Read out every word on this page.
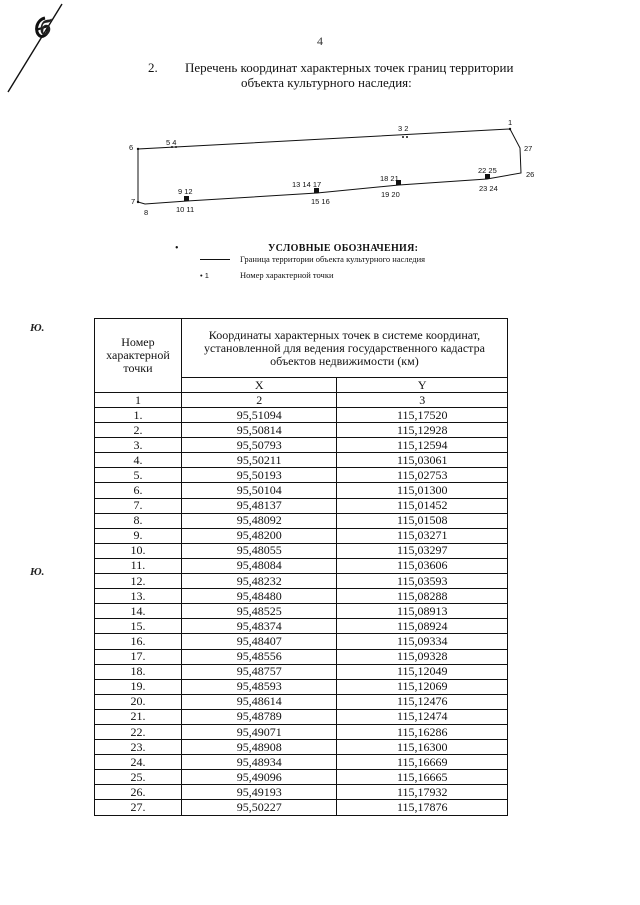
б
4
2. Перечень координат характерных точек границ территории
объекта культурного наследия:
1
3 2
5 4
6	27
26
7
8
9 12
10 11
13 14 17
15 16
18 21
19 20
22 25
23 24
•	УСЛОВНЫЕ ОБОЗНАЧЕНИЯ:
Граница территории объекта культурного наследия
• 1	Номер характерной точки
Ю.
Ю.
Номер характерной точки	Координаты характерных точек в системе координат, установленной для ведения государственного кадастра объектов недвижимости (км)	
	X	Y
1	2	3
1.	95,51094	115,17520
2.	95,50814	115,12928
3.	95,50793	115,12594
4.	95,50211	115,03061
5.	95,50193	115,02753
6.	95,50104	115,01300
7.	95,48137	115,01452
8.	95,48092	115,01508
9.	95,48200	115,03271
10.	95,48055	115,03297
11.	95,48084	115,03606
12.	95,48232	115,03593
13.	95,48480	115,08288
14.	95,48525	115,08913
15.	95,48374	115,08924
16.	95,48407	115,09334
17.	95,48556	115,09328
18.	95,48757	115,12049
19.	95,48593	115,12069
20.	95,48614	115,12476
21.	95,48789	115,12474
22.	95,49071	115,16286
23.	95,48908	115,16300
24.	95,48934	115,16669
25.	95,49096	115,16665
26.	95,49193	115,17932
27.	95,50227	115,17876
